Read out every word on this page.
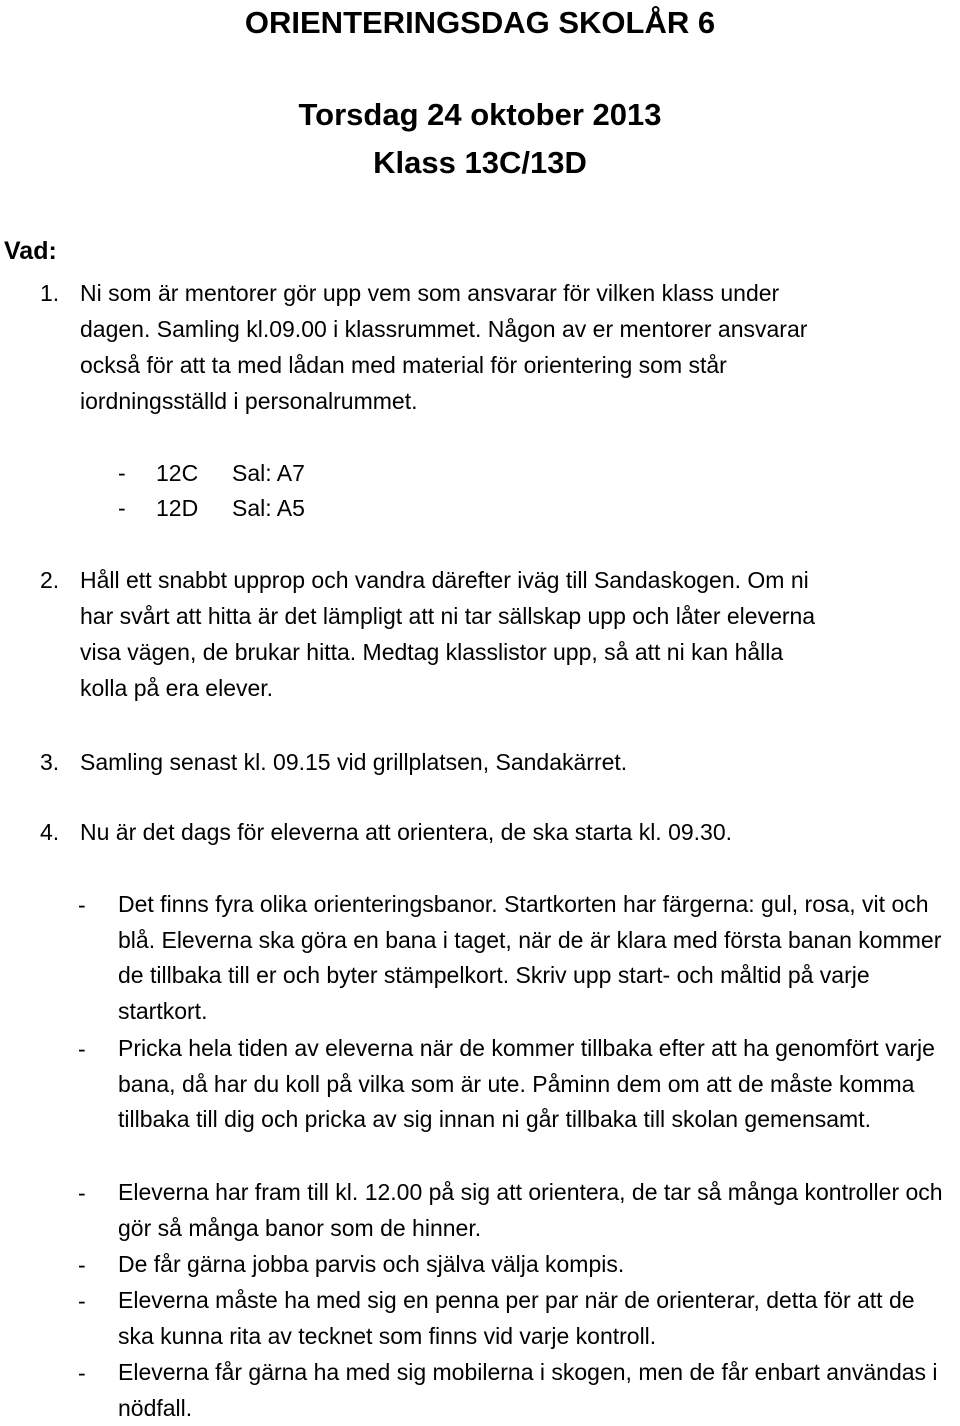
ORIENTERINGSDAG SKOLÅR 6
Torsdag 24 oktober 2013
Klass 13C/13D
Vad:
1. Ni som är mentorer gör upp vem som ansvarar för vilken klass under
dagen. Samling kl.09.00 i klassrummet. Någon av er mentorer ansvarar
också för att ta med lådan med material för orientering som står
iordningsställd i personalrummet.
- 12C Sal: A7
- 12D Sal: A5
2. Håll ett snabbt upprop och vandra därefter iväg till Sandaskogen. Om ni
har svårt att hitta är det lämpligt att ni tar sällskap upp och låter eleverna
visa vägen, de brukar hitta. Medtag klasslistor upp, så att ni kan hålla
kolla på era elever.
3. Samling senast kl. 09.15 vid grillplatsen, Sandakärret.
4. Nu är det dags för eleverna att orientera, de ska starta kl. 09.30.
- Det finns fyra olika orienteringsbanor. Startkorten har färgerna: gul, rosa, vit och blå. Eleverna ska göra en bana i taget, när de är klara med första banan kommer de tillbaka till er och byter stämpelkort. Skriv upp start- och måltid på varje startkort.
- Pricka hela tiden av eleverna när de kommer tillbaka efter att ha genomfört varje bana, då har du koll på vilka som är ute. Påminn dem om att de måste komma tillbaka till dig och pricka av sig innan ni går tillbaka till skolan gemensamt.
- Eleverna har fram till kl. 12.00 på sig att orientera, de tar så många kontroller och gör så många banor som de hinner.
- De får gärna jobba parvis och själva välja kompis.
- Eleverna måste ha med sig en penna per par när de orienterar, detta för att de ska kunna rita av tecknet som finns vid varje kontroll.
- Eleverna får gärna ha med sig mobilerna i skogen, men de får enbart användas i nödfall.
